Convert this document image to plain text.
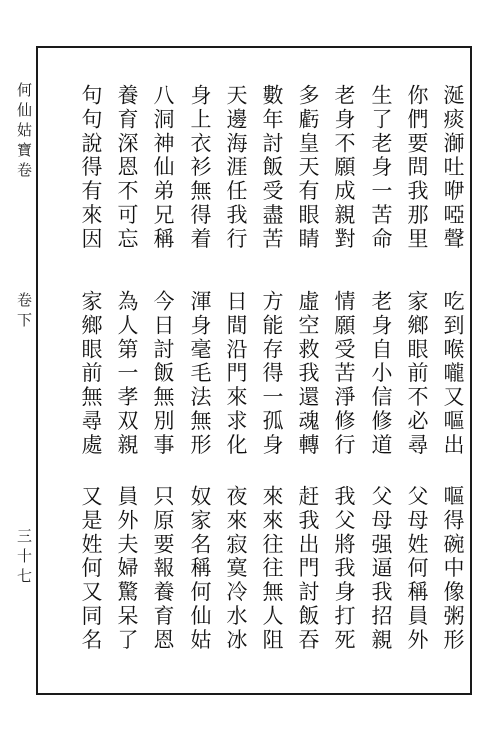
何仙姑寶卷
卷下
三十七
涎痰溮吐咿啞聲
吃到喉嚨又嘔出
嘔得碗中像粥形
你們要問我那里
家鄉眼前不必尋
父母姓何稱員外
生了老身一苦命
老身自小信修道
父母强逼我招親
老身不願成親對
情願受苦淨修行
我父將我身打死
多虧皇天有眼睛
虛空救我還魂轉
赶我出門討飯吞
數年討飯受盡苦
方能存得一孤身
來來往往無人阻
天邊海涯任我行
日間沿門來求化
夜來寂寞冷水冰
身上衣衫無得着
渾身毫毛法無形
奴家名稱何仙姑
八洞神仙弟兄稱
今日討飯無別事
只原要報養育恩
養育深恩不可忘
為人第一孝双親
員外夫婦驚呆了
句句說得有來因
家鄉眼前無尋處
又是姓何又同名
